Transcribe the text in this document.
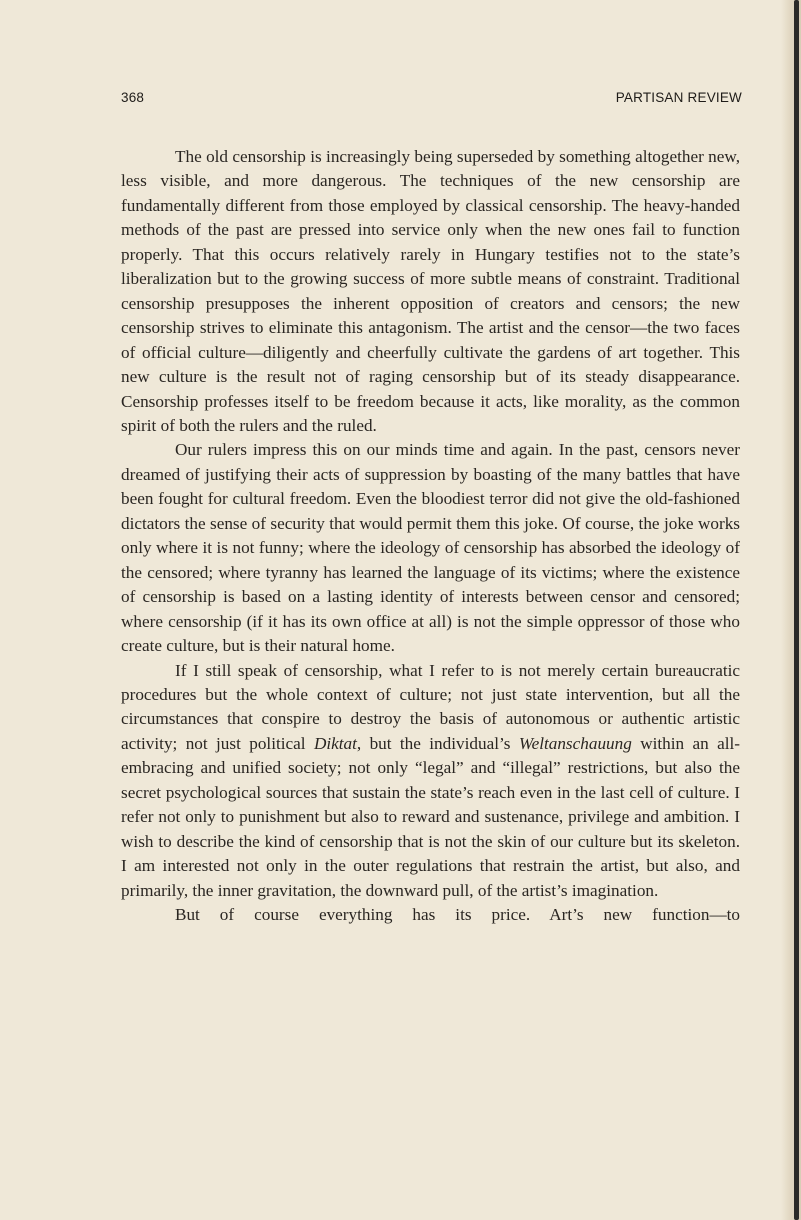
368	PARTISAN REVIEW

The old censorship is increasingly being superseded by something altogether new, less visible, and more dangerous. The techniques of the new censorship are fundamentally different from those employed by classical censorship. The heavy-handed methods of the past are pressed into service only when the new ones fail to function properly. That this occurs relatively rarely in Hungary testifies not to the state’s liberalization but to the growing success of more subtle means of constraint. Traditional censorship presupposes the inherent opposition of creators and censors; the new censorship strives to eliminate this antagonism. The artist and the censor—the two faces of official culture—diligently and cheerfully cultivate the gardens of art together. This new culture is the result not of raging censorship but of its steady disappearance. Censorship professes itself to be freedom because it acts, like morality, as the common spirit of both the rulers and the ruled.

Our rulers impress this on our minds time and again. In the past, censors never dreamed of justifying their acts of suppression by boasting of the many battles that have been fought for cultural freedom. Even the bloodiest terror did not give the old-fashioned dictators the sense of security that would permit them this joke. Of course, the joke works only where it is not funny; where the ideology of censorship has absorbed the ideology of the censored; where tyranny has learned the language of its victims; where the existence of censorship is based on a lasting identity of interests between censor and censored; where censorship (if it has its own office at all) is not the simple oppressor of those who create culture, but is their natural home.

If I still speak of censorship, what I refer to is not merely certain bureaucratic procedures but the whole context of culture; not just state intervention, but all the circumstances that conspire to destroy the basis of autonomous or authentic artistic activity; not just political Diktat, but the individual’s Weltanschauung within an all-embracing and unified society; not only “legal” and “illegal” restrictions, but also the secret psychological sources that sustain the state’s reach even in the last cell of culture. I refer not only to punishment but also to reward and sustenance, privilege and ambition. I wish to describe the kind of censorship that is not the skin of our culture but its skeleton. I am interested not only in the outer regulations that restrain the artist, but also, and primarily, the inner gravitation, the downward pull, of the artist’s imagination.

But of course everything has its price. Art’s new function—to
